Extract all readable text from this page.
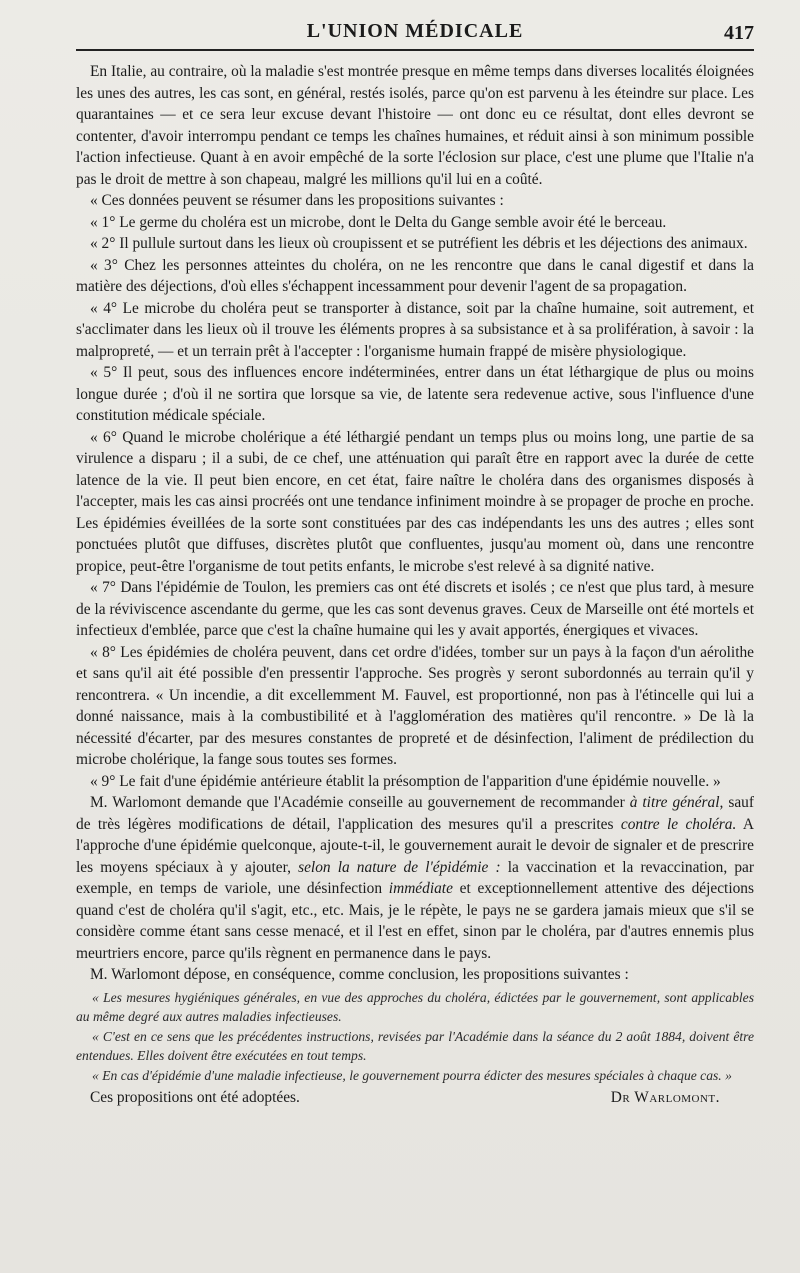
L'UNION MÉDICALE	417

En Italie, au contraire, où la maladie s'est montrée presque en même temps dans diverses localités éloignées les unes des autres, les cas sont, en général, restés isolés, parce qu'on est parvenu à les éteindre sur place. Les quarantaines — et ce sera leur excuse devant l'histoire — ont donc eu ce résultat, dont elles devront se contenter, d'avoir interrompu pendant ce temps les chaînes humaines, et réduit ainsi à son minimum possible l'action infectieuse. Quant à en avoir empêché de la sorte l'éclosion sur place, c'est une plume que l'Italie n'a pas le droit de mettre à son chapeau, malgré les millions qu'il lui en a coûté.

« Ces données peuvent se résumer dans les propositions suivantes :

« 1° Le germe du choléra est un microbe, dont le Delta du Gange semble avoir été le berceau.

« 2° Il pullule surtout dans les lieux où croupissent et se putréfient les débris et les déjections des animaux.

« 3° Chez les personnes atteintes du choléra, on ne les rencontre que dans le canal digestif et dans la matière des déjections, d'où elles s'échappent incessamment pour devenir l'agent de sa propagation.

« 4° Le microbe du choléra peut se transporter à distance, soit par la chaîne humaine, soit autrement, et s'acclimater dans les lieux où il trouve les éléments propres à sa subsistance et à sa prolifération, à savoir : la malpropreté, — et un terrain prêt à l'accepter : l'organisme humain frappé de misère physiologique.

« 5° Il peut, sous des influences encore indéterminées, entrer dans un état léthargique de plus ou moins longue durée ; d'où il ne sortira que lorsque sa vie, de latente sera redevenue active, sous l'influence d'une constitution médicale spéciale.

« 6° Quand le microbe cholérique a été léthargié pendant un temps plus ou moins long, une partie de sa virulence a disparu ; il a subi, de ce chef, une atténuation qui paraît être en rapport avec la durée de cette latence de la vie. Il peut bien encore, en cet état, faire naître le choléra dans des organismes disposés à l'accepter, mais les cas ainsi procréés ont une tendance infiniment moindre à se propager de proche en proche. Les épidémies éveillées de la sorte sont constituées par des cas indépendants les uns des autres ; elles sont ponctuées plutôt que diffuses, discrètes plutôt que confluentes, jusqu'au moment où, dans une rencontre propice, peut-être l'organisme de tout petits enfants, le microbe s'est relevé à sa dignité native.

« 7° Dans l'épidémie de Toulon, les premiers cas ont été discrets et isolés ; ce n'est que plus tard, à mesure de la réviviscence ascendante du germe, que les cas sont devenus graves. Ceux de Marseille ont été mortels et infectieux d'emblée, parce que c'est la chaîne humaine qui les y avait apportés, énergiques et vivaces.

« 8° Les épidémies de choléra peuvent, dans cet ordre d'idées, tomber sur un pays à la façon d'un aérolithe et sans qu'il ait été possible d'en pressentir l'approche. Ses progrès y seront subordonnés au terrain qu'il y rencontrera. « Un incendie, a dit excellemment M. Fauvel, est proportionné, non pas à l'étincelle qui lui a donné naissance, mais à la combustibilité et à l'agglomération des matières qu'il rencontre. » De là la nécessité d'écarter, par des mesures constantes de propreté et de désinfection, l'aliment de prédilection du microbe cholérique, la fange sous toutes ses formes.

« 9° Le fait d'une épidémie antérieure établit la présomption de l'apparition d'une épidémie nouvelle. »

M. Warlomont demande que l'Académie conseille au gouvernement de recommander à titre général, sauf de très légères modifications de détail, l'application des mesures qu'il a prescrites contre le choléra. A l'approche d'une épidémie quelconque, ajoute-t-il, le gouvernement aurait le devoir de signaler et de prescrire les moyens spéciaux à y ajouter, selon la nature de l'épidémie : la vaccination et la revaccination, par exemple, en temps de variole, une désinfection immédiate et exceptionnellement attentive des déjections quand c'est de choléra qu'il s'agit, etc., etc. Mais, je le répète, le pays ne se gardera jamais mieux que s'il se considère comme étant sans cesse menacé, et il l'est en effet, sinon par le choléra, par d'autres ennemis plus meurtriers encore, parce qu'ils règnent en permanence dans le pays.

M. Warlomont dépose, en conséquence, comme conclusion, les propositions suivantes :

« Les mesures hygiéniques générales, en vue des approches du choléra, édictées par le gouvernement, sont applicables au même degré aux autres maladies infectieuses.

« C'est en ce sens que les précédentes instructions, revisées par l'Académie dans la séance du 2 août 1884, doivent être entendues. Elles doivent être exécutées en tout temps.

« En cas d'épidémie d'une maladie infectieuse, le gouvernement pourra édicter des mesures spéciales à chaque cas. »

Ces propositions ont été adoptées.	Dr Warlomont.
